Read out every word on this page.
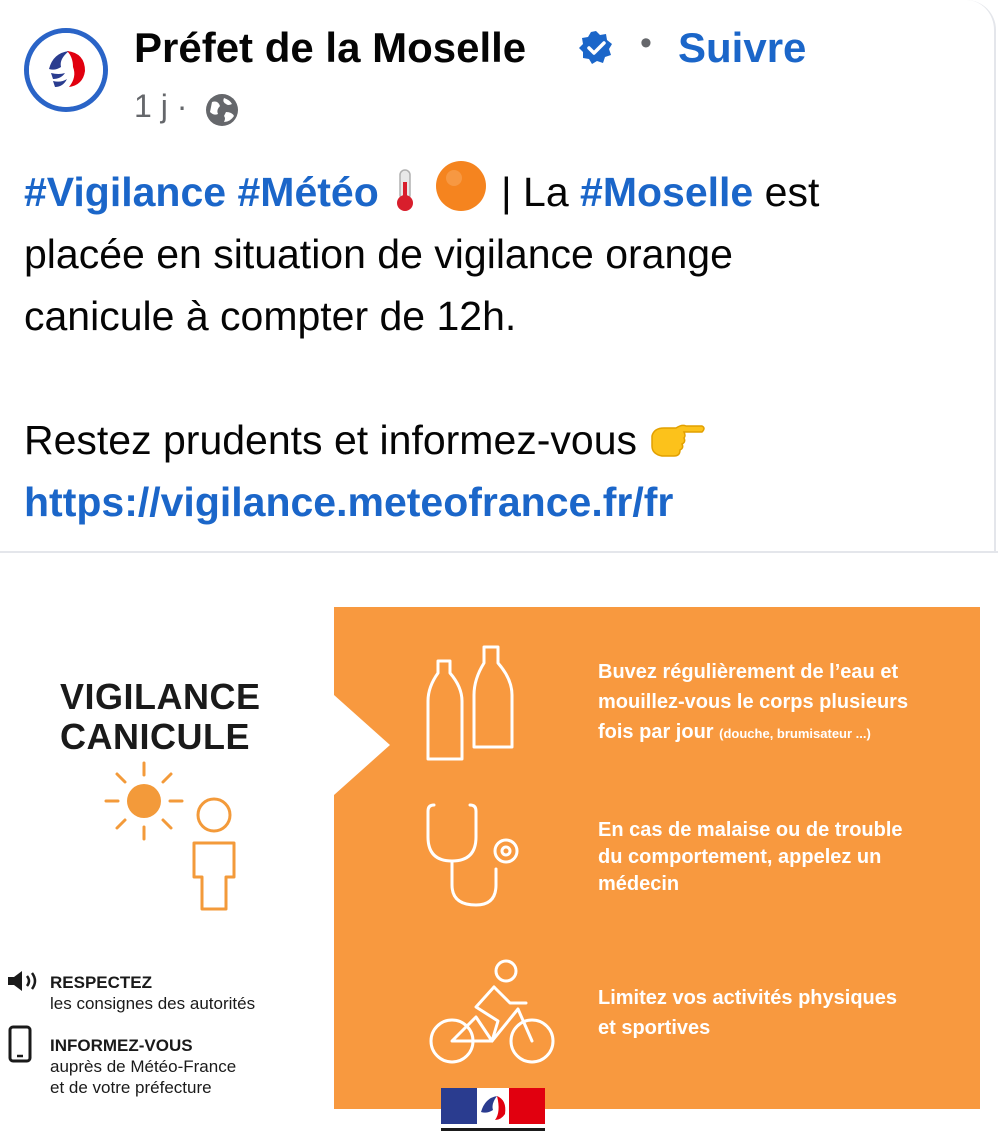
Préfet de la Moselle	• Suivre
1 j ·
#Vigilance #Météo	| La #Moselle est
placée en situation de vigilance orange
canicule à compter de 12h.

Restez prudents et informez-vous
https://vigilance.meteofrance.fr/fr
VIGILANCE
CANICULE
Buvez régulièrement de l’eau et
mouillez-vous le corps plusieurs
fois par jour (douche, brumisateur ...)
En cas de malaise ou de trouble
du comportement, appelez un
médecin
Limitez vos activités physiques
et sportives
RESPECTEZ
les consignes des autorités
INFORMEZ-VOUS
auprès de Météo-France
et de votre préfecture
